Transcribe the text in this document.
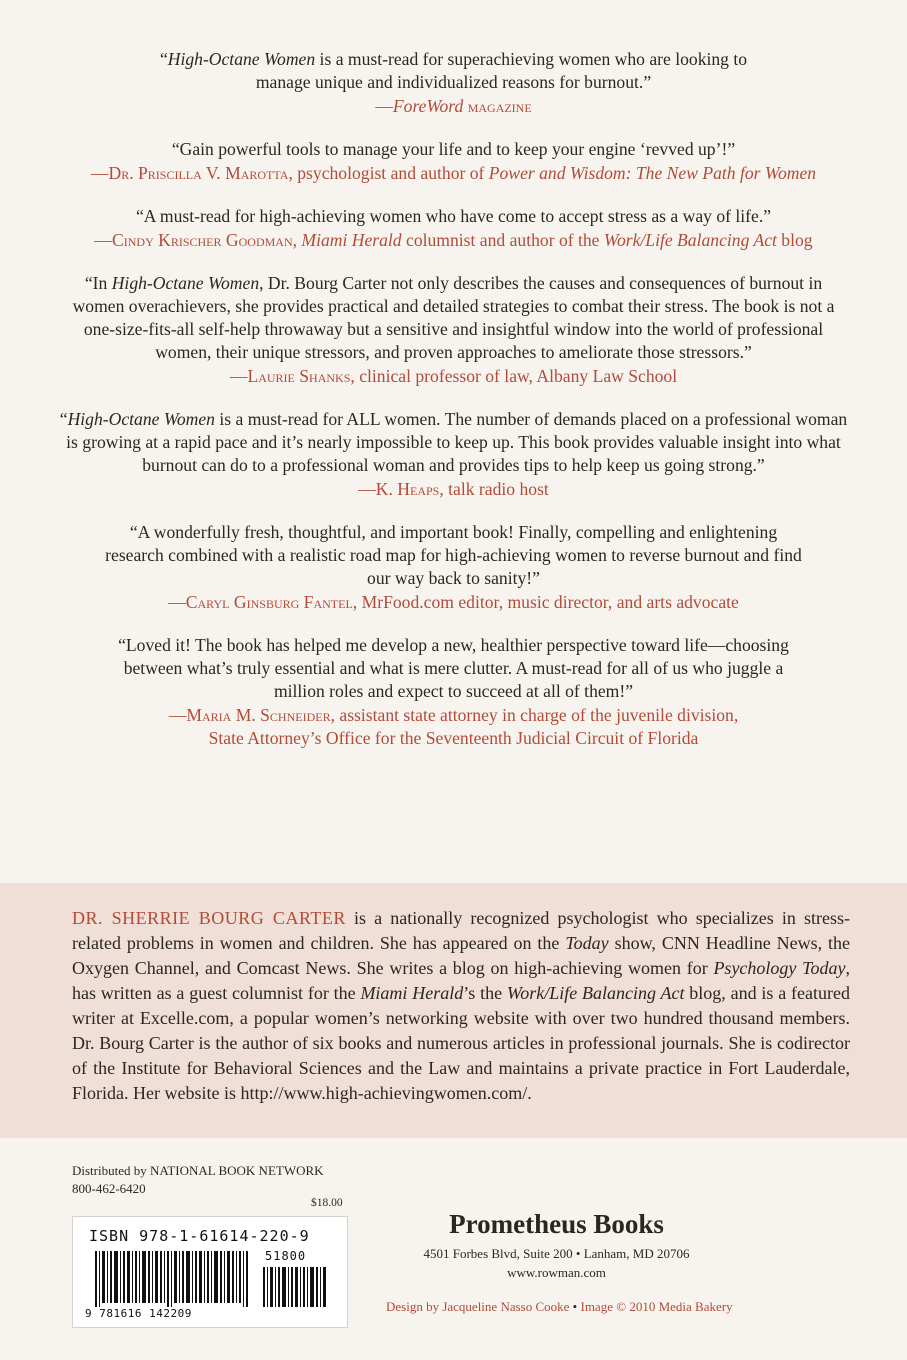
“High-Octane Women is a must-read for superachieving women who are looking to manage unique and individualized reasons for burnout.”
—ForeWord magazine
“Gain powerful tools to manage your life and to keep your engine ‘revved up’!”
—Dr. Priscilla V. Marotta, psychologist and author of Power and Wisdom: The New Path for Women
“A must-read for high-achieving women who have come to accept stress as a way of life.”
—Cindy Krischer Goodman, Miami Herald columnist and author of the Work/Life Balancing Act blog
“In High-Octane Women, Dr. Bourg Carter not only describes the causes and consequences of burnout in women overachievers, she provides practical and detailed strategies to combat their stress. The book is not a one-size-fits-all self-help throwaway but a sensitive and insightful window into the world of professional women, their unique stressors, and proven approaches to ameliorate those stressors.”
—Laurie Shanks, clinical professor of law, Albany Law School
“High-Octane Women is a must-read for ALL women. The number of demands placed on a professional woman is growing at a rapid pace and it’s nearly impossible to keep up. This book provides valuable insight into what burnout can do to a professional woman and provides tips to help keep us going strong.”
—K. Heaps, talk radio host
“A wonderfully fresh, thoughtful, and important book! Finally, compelling and enlightening research combined with a realistic road map for high-achieving women to reverse burnout and find our way back to sanity!”
—Caryl Ginsburg Fantel, MrFood.com editor, music director, and arts advocate
“Loved it! The book has helped me develop a new, healthier perspective toward life—choosing between what’s truly essential and what is mere clutter. A must-read for all of us who juggle a million roles and expect to succeed at all of them!”
—Maria M. Schneider, assistant state attorney in charge of the juvenile division,
State Attorney’s Office for the Seventeenth Judicial Circuit of Florida
DR. SHERRIE BOURG CARTER is a nationally recognized psychologist who specializes in stress-related problems in women and children. She has appeared on the Today show, CNN Headline News, the Oxygen Channel, and Comcast News. She writes a blog on high-achieving women for Psychology Today, has written as a guest columnist for the Miami Herald’s the Work/Life Balancing Act blog, and is a featured writer at Excelle.com, a popular women’s networking website with over two hundred thousand members. Dr. Bourg Carter is the author of six books and numerous articles in professional journals. She is codirector of the Institute for Behavioral Sciences and the Law and maintains a private practice in Fort Lauderdale, Florida. Her website is http://www.high-achievingwomen.com/.
Distributed by NATIONAL BOOK NETWORK
800-462-6420
$18.00
ISBN 978-1-61614-220-9
51800
9 781616 142209
Prometheus Books
4501 Forbes Blvd, Suite 200 • Lanham, MD 20706
www.rowman.com
Design by Jacqueline Nasso Cooke • Image © 2010 Media Bakery
